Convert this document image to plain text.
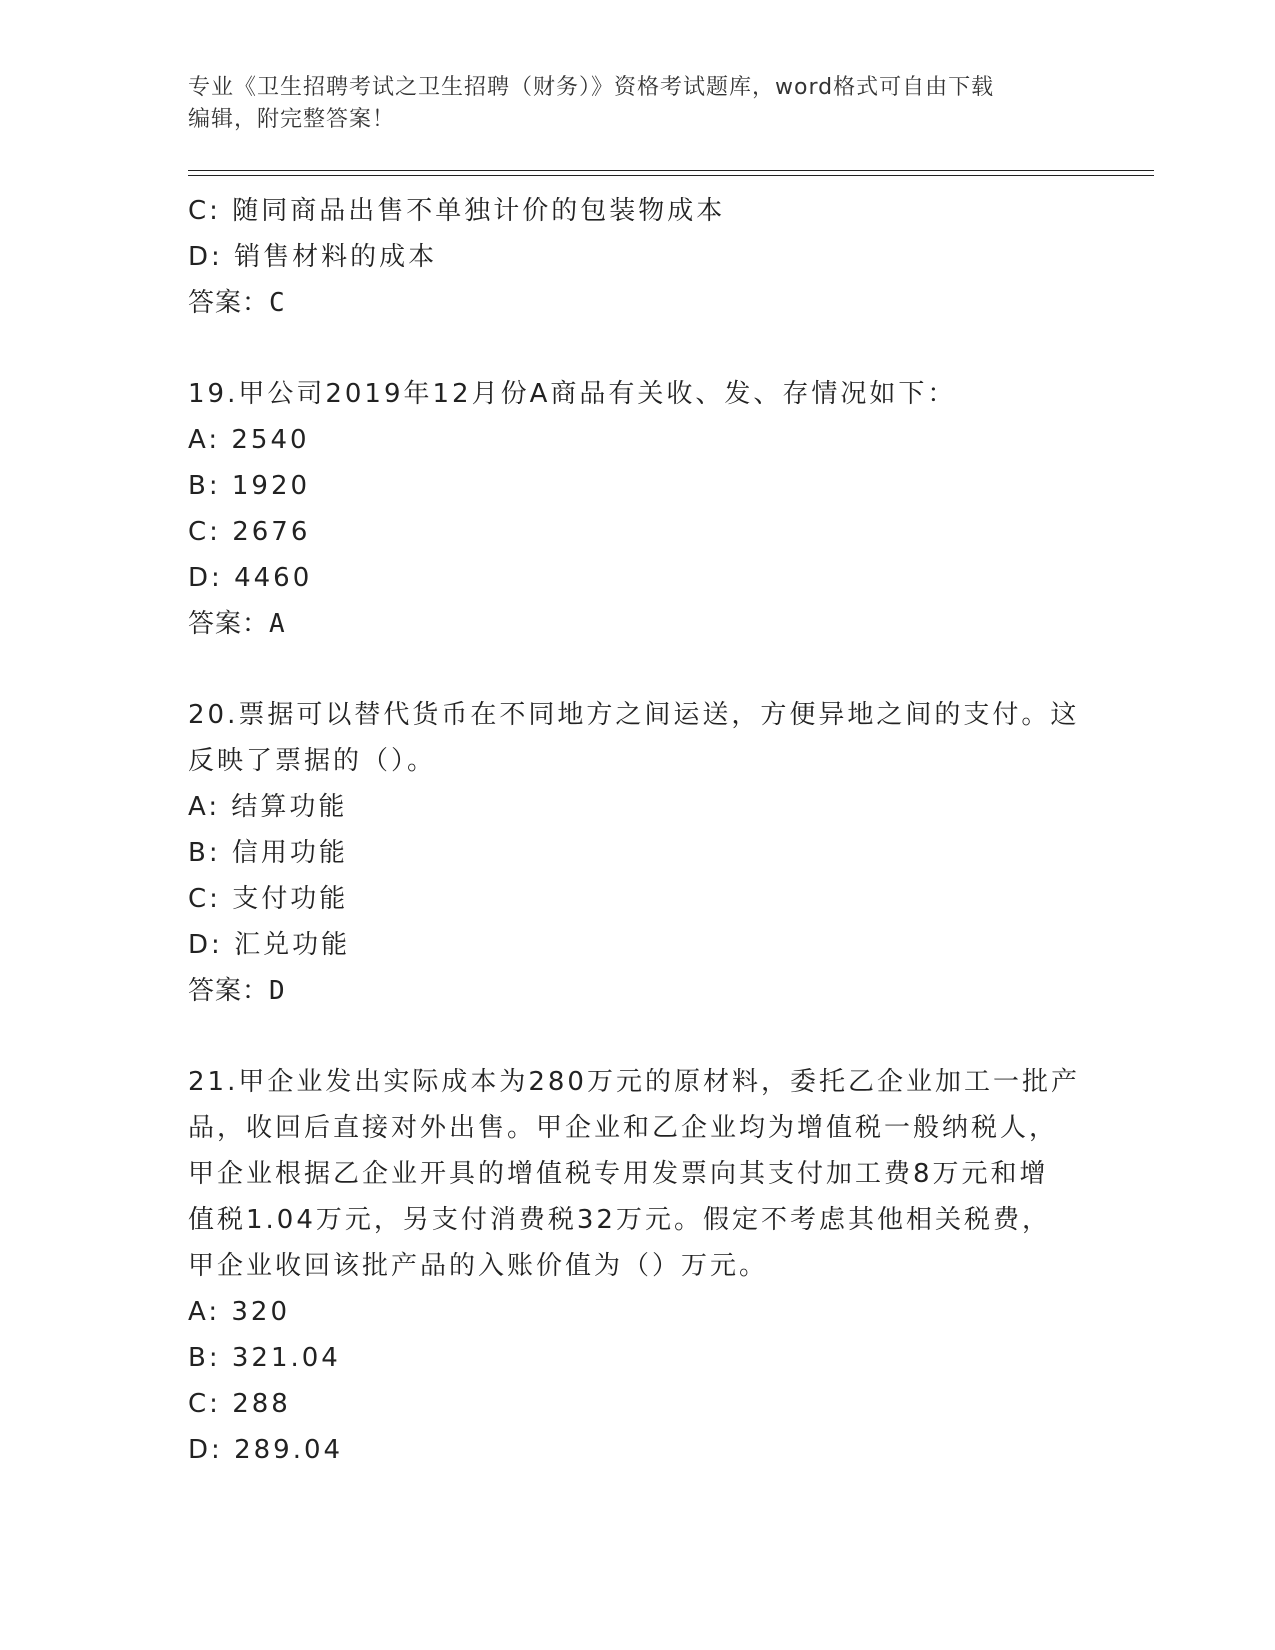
专业《卫生招聘考试之卫生招聘（财务）》资格考试题库，word格式可自由下载
编辑，附完整答案！
C: 随同商品出售不单独计价的包装物成本
D: 销售材料的成本
答案：C
19.甲公司2019年12月份A商品有关收、发、存情况如下：
A: 2540
B: 1920
C: 2676
D: 4460
答案：A
20.票据可以替代货币在不同地方之间运送，方便异地之间的支付。这
反映了票据的（）。
A: 结算功能
B: 信用功能
C: 支付功能
D: 汇兑功能
答案：D
21.甲企业发出实际成本为280万元的原材料，委托乙企业加工一批产
品，收回后直接对外出售。甲企业和乙企业均为增值税一般纳税人，
甲企业根据乙企业开具的增值税专用发票向其支付加工费8万元和增
值税1.04万元，另支付消费税32万元。假定不考虑其他相关税费，
甲企业收回该批产品的入账价值为（）万元。
A: 320
B: 321.04
C: 288
D: 289.04
